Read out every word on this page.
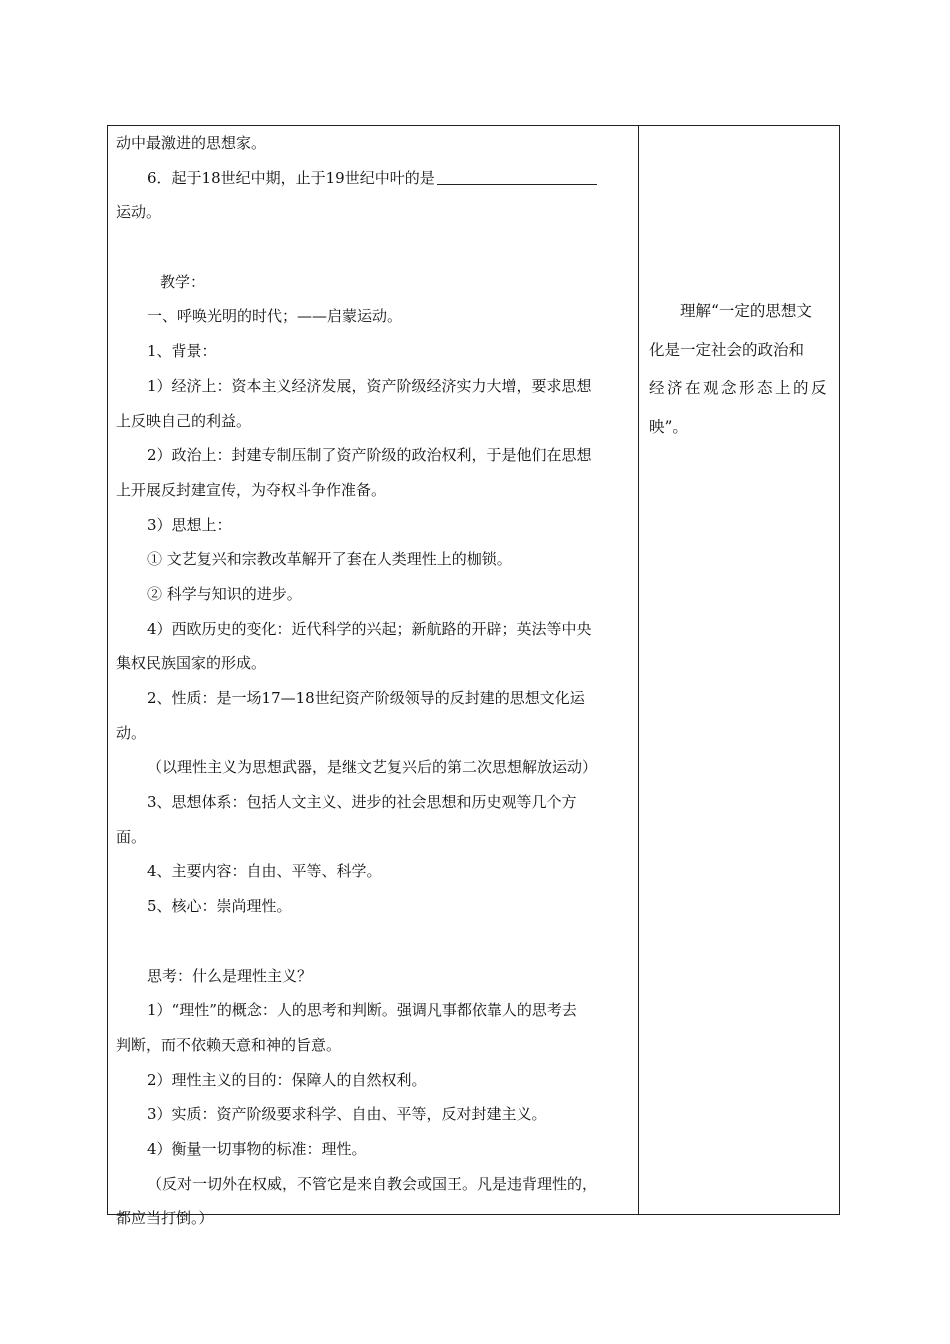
动中最激进的思想家。
6．起于18世纪中期，止于19世纪中叶的是
运动。
教学：
一、呼唤光明的时代；——启蒙运动。
1、背景：
1）经济上：资本主义经济发展，资产阶级经济实力大增，要求思想
上反映自己的利益。
2）政治上：封建专制压制了资产阶级的政治权利，于是他们在思想
上开展反封建宣传，为夺权斗争作准备。
3）思想上：
① 文艺复兴和宗教改革解开了套在人类理性上的枷锁。
② 科学与知识的进步。
4）西欧历史的变化：近代科学的兴起；新航路的开辟；英法等中央
集权民族国家的形成。
2、性质：是一场17—18世纪资产阶级领导的反封建的思想文化运
动。
（以理性主义为思想武器，是继文艺复兴后的第二次思想解放运动）
3、思想体系：包括人文主义、进步的社会思想和历史观等几个方
面。
4、主要内容：自由、平等、科学。
5、核心：崇尚理性。
思考：什么是理性主义？
1）“理性”的概念：人的思考和判断。强调凡事都依靠人的思考去
判断，而不依赖天意和神的旨意。
2）理性主义的目的：保障人的自然权利。
3）实质：资产阶级要求科学、自由、平等，反对封建主义。
4）衡量一切事物的标准：理性。
（反对一切外在权威，不管它是来自教会或国王。凡是违背理性的，
都应当打倒。）
理解“一定的思想文
化是一定社会的政治和
经济在观念形态上的反
映”。
